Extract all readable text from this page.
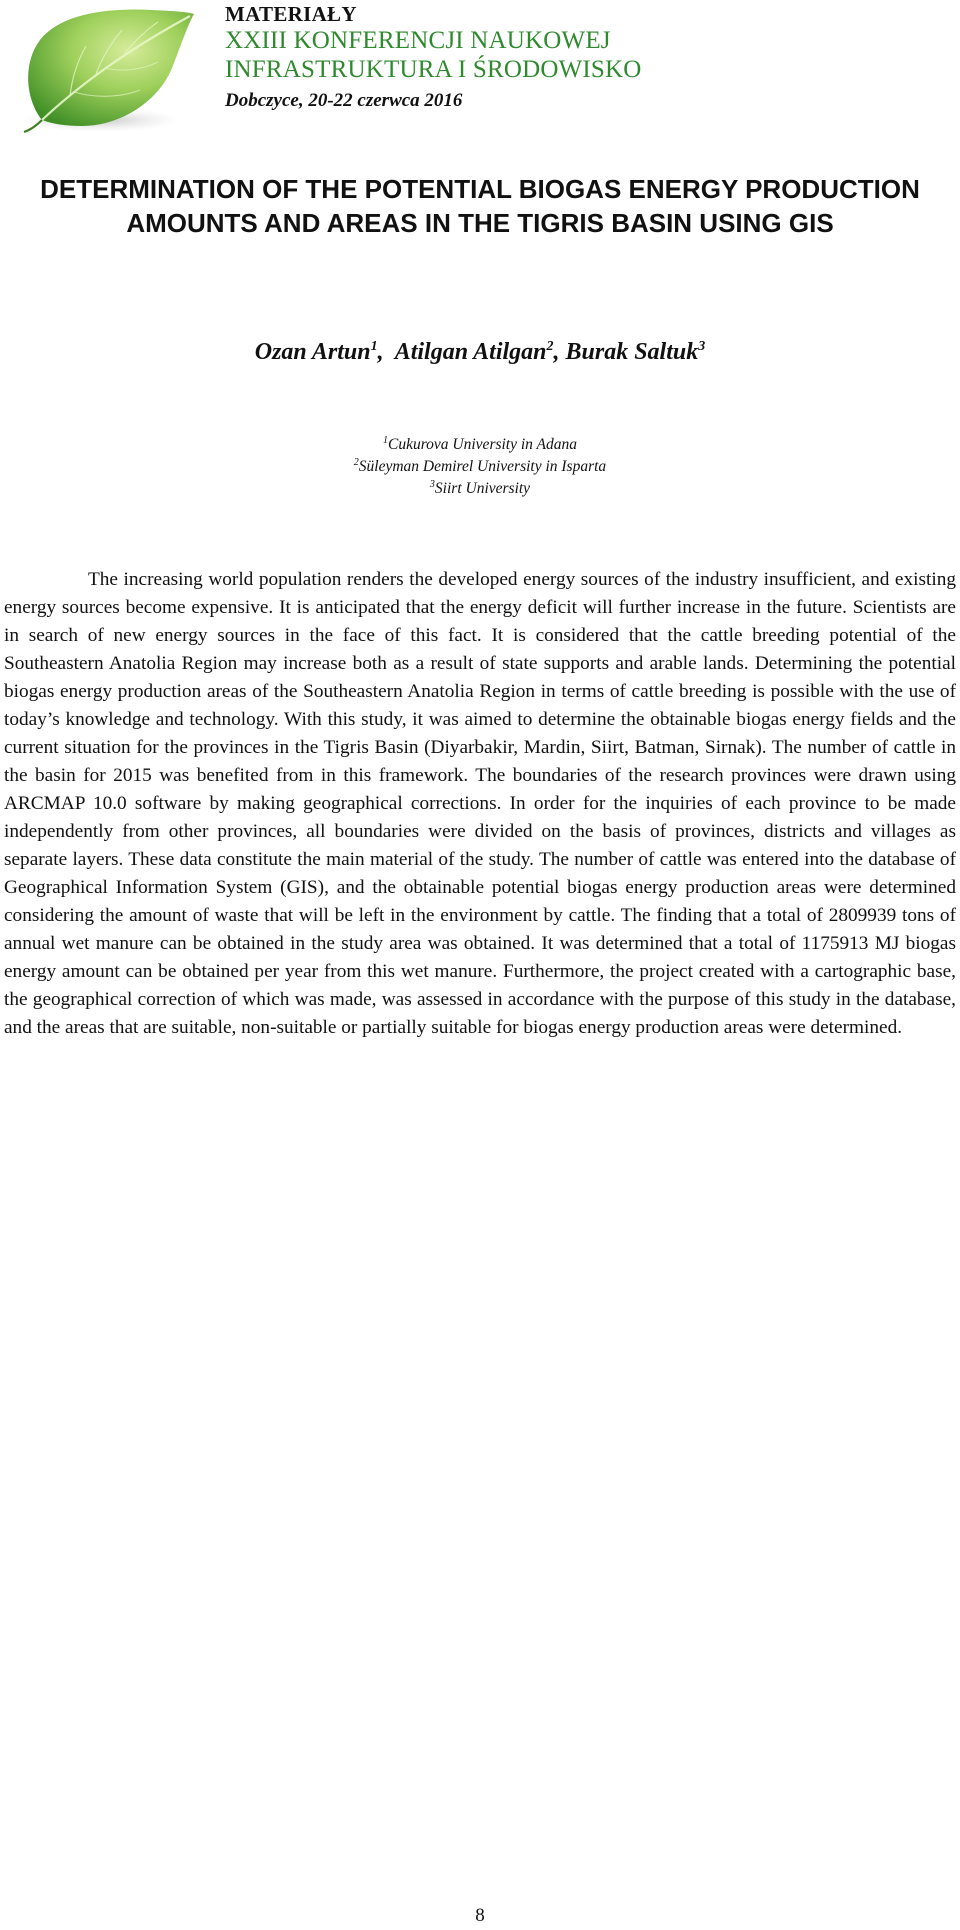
MATERIAŁY
XXIII KONFERENCJI NAUKOWEJ
INFRASTRUKTURA I ŚRODOWISKO
Dobczyce, 20-22 czerwca 2016
DETERMINATION OF THE POTENTIAL BIOGAS ENERGY PRODUCTION AMOUNTS AND AREAS IN THE TIGRIS BASIN USING GIS
Ozan Artun$^1$,  Atilgan Atilgan$^2$, Burak Saltuk$^3$
$^1$Cukurova University in Adana
$^2$Süleyman Demirel University in Isparta
$^3$Siirt University

The increasing world population renders the developed energy sources of the industry insufficient, and existing energy sources become expensive. It is anticipated that the energy deficit will further increase in the future. Scientists are in search of new energy sources in the face of this fact. It is considered that the cattle breeding potential of the Southeastern Anatolia Region may increase both as a result of state supports and arable lands. Determining the potential biogas energy production areas of the Southeastern Anatolia Region in terms of cattle breeding is possible with the use of today’s knowledge and technology. With this study, it was aimed to determine the obtainable biogas energy fields and the current situation for the provinces in the Tigris Basin (Diyarbakir, Mardin, Siirt, Batman, Sirnak). The number of cattle in the basin for 2015 was benefited from in this framework. The boundaries of the research provinces were drawn using ARCMAP 10.0 software by making geographical corrections. In order for the inquiries of each province to be made independently from other provinces, all boundaries were divided on the basis of provinces, districts and villages as separate layers. These data constitute the main material of the study. The number of cattle was entered into the database of Geographical Information System (GIS), and the obtainable potential biogas energy production areas were determined considering the amount of waste that will be left in the environment by cattle. The finding that a total of 2809939 tons of annual wet manure can be obtained in the study area was obtained. It was determined that a total of 1175913 MJ biogas energy amount can be obtained per year from this wet manure. Furthermore, the project created with a cartographic base, the geographical correction of which was made, was assessed in accordance with the purpose of this study in the database, and the areas that are suitable, non-suitable or partially suitable for biogas energy production areas were determined.

8
